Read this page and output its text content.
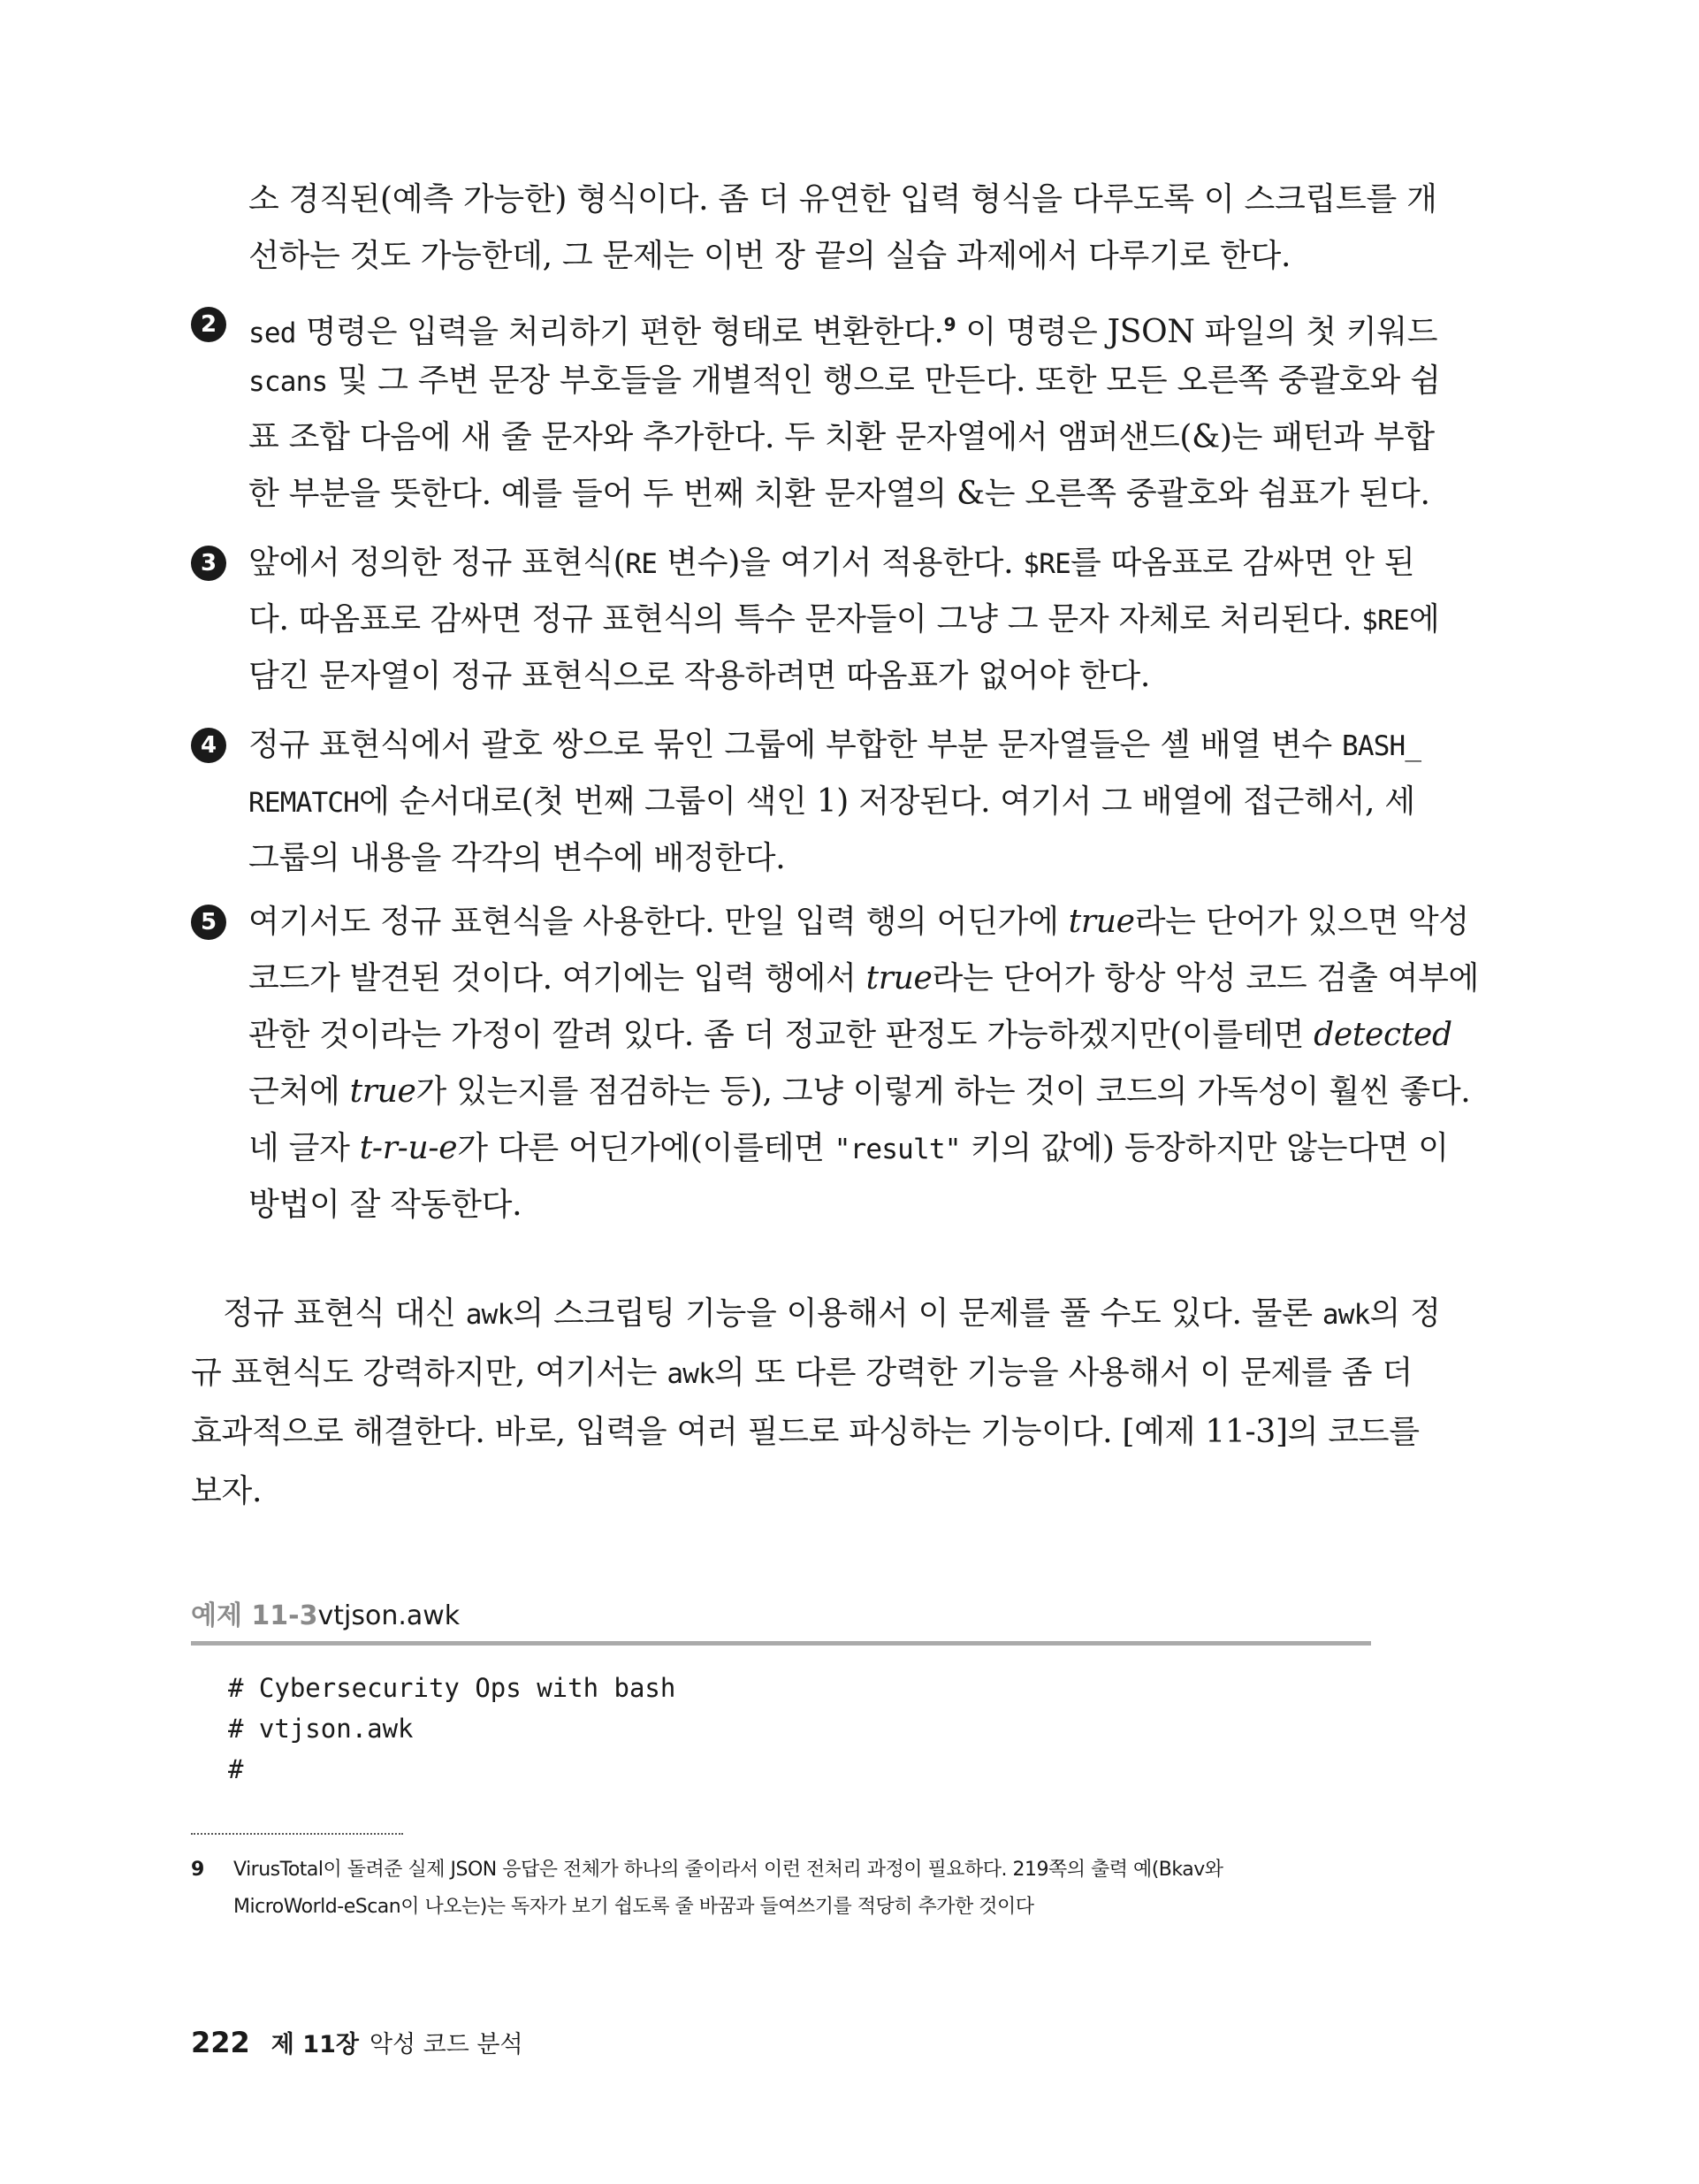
소 경직된(예측 가능한) 형식이다. 좀 더 유연한 입력 형식을 다루도록 이 스크립트를 개
선하는 것도 가능한데, 그 문제는 이번 장 끝의 실습 과제에서 다루기로 한다.
2	sed 명령은 입력을 처리하기 편한 형태로 변환한다.$^9$ 이 명령은 JSON 파일의 첫 키워드
scans 및 그 주변 문장 부호들을 개별적인 행으로 만든다. 또한 모든 오른쪽 중괄호와 쉼
표 조합 다음에 새 줄 문자와 추가한다. 두 치환 문자열에서 앰퍼샌드(&)는 패턴과 부합
한 부분을 뜻한다. 예를 들어 두 번째 치환 문자열의 &는 오른쪽 중괄호와 쉼표가 된다.
3 앞에서 정의한 정규 표현식(RE 변수)을 여기서 적용한다. $RE를 따옴표로 감싸면 안 된
다. 따옴표로 감싸면 정규 표현식의 특수 문자들이 그냥 그 문자 자체로 처리된다. $RE에
담긴 문자열이 정규 표현식으로 작용하려면 따옴표가 없어야 한다.
4 정규 표현식에서 괄호 쌍으로 묶인 그룹에 부합한 부분 문자열들은 셸 배열 변수 BASH_
REMATCH에 순서대로(첫 번째 그룹이 색인 1) 저장된다. 여기서 그 배열에 접근해서, 세
그룹의 내용을 각각의 변수에 배정한다.
5 여기서도 정규 표현식을 사용한다. 만일 입력 행의 어딘가에 true라는 단어가 있으면 악성
코드가 발견된 것이다. 여기에는 입력 행에서 true라는 단어가 항상 악성 코드 검출 여부에
관한 것이라는 가정이 깔려 있다. 좀 더 정교한 판정도 가능하겠지만(이를테면 detected
근처에 true가 있는지를 점검하는 등), 그냥 이렇게 하는 것이 코드의 가독성이 훨씬 좋다.
네 글자 t-r-u-e가 다른 어딘가에(이를테면 "result" 키의 값에) 등장하지만 않는다면 이
방법이 잘 작동한다.
정규 표현식 대신 awk의 스크립팅 기능을 이용해서 이 문제를 풀 수도 있다. 물론 awk의 정
규 표현식도 강력하지만, 여기서는 awk의 또 다른 강력한 기능을 사용해서 이 문제를 좀 더
효과적으로 해결한다. 바로, 입력을 여러 필드로 파싱하는 기능이다. [예제 11-3]의 코드를
보자.
예제 11-3vtjson.awk
# Cybersecurity Ops with bash
# vtjson.awk
#
9 VirusTotal이 돌려준 실제 JSON 응답은 전체가 하나의 줄이라서 이런 전처리 과정이 필요하다. 219쪽의 출력 예(Bkav와
MicroWorld-eScan이 나오는)는 독자가 보기 쉽도록 줄 바꿈과 들여쓰기를 적당히 추가한 것이다
222 제 11장 악성 코드 분석
